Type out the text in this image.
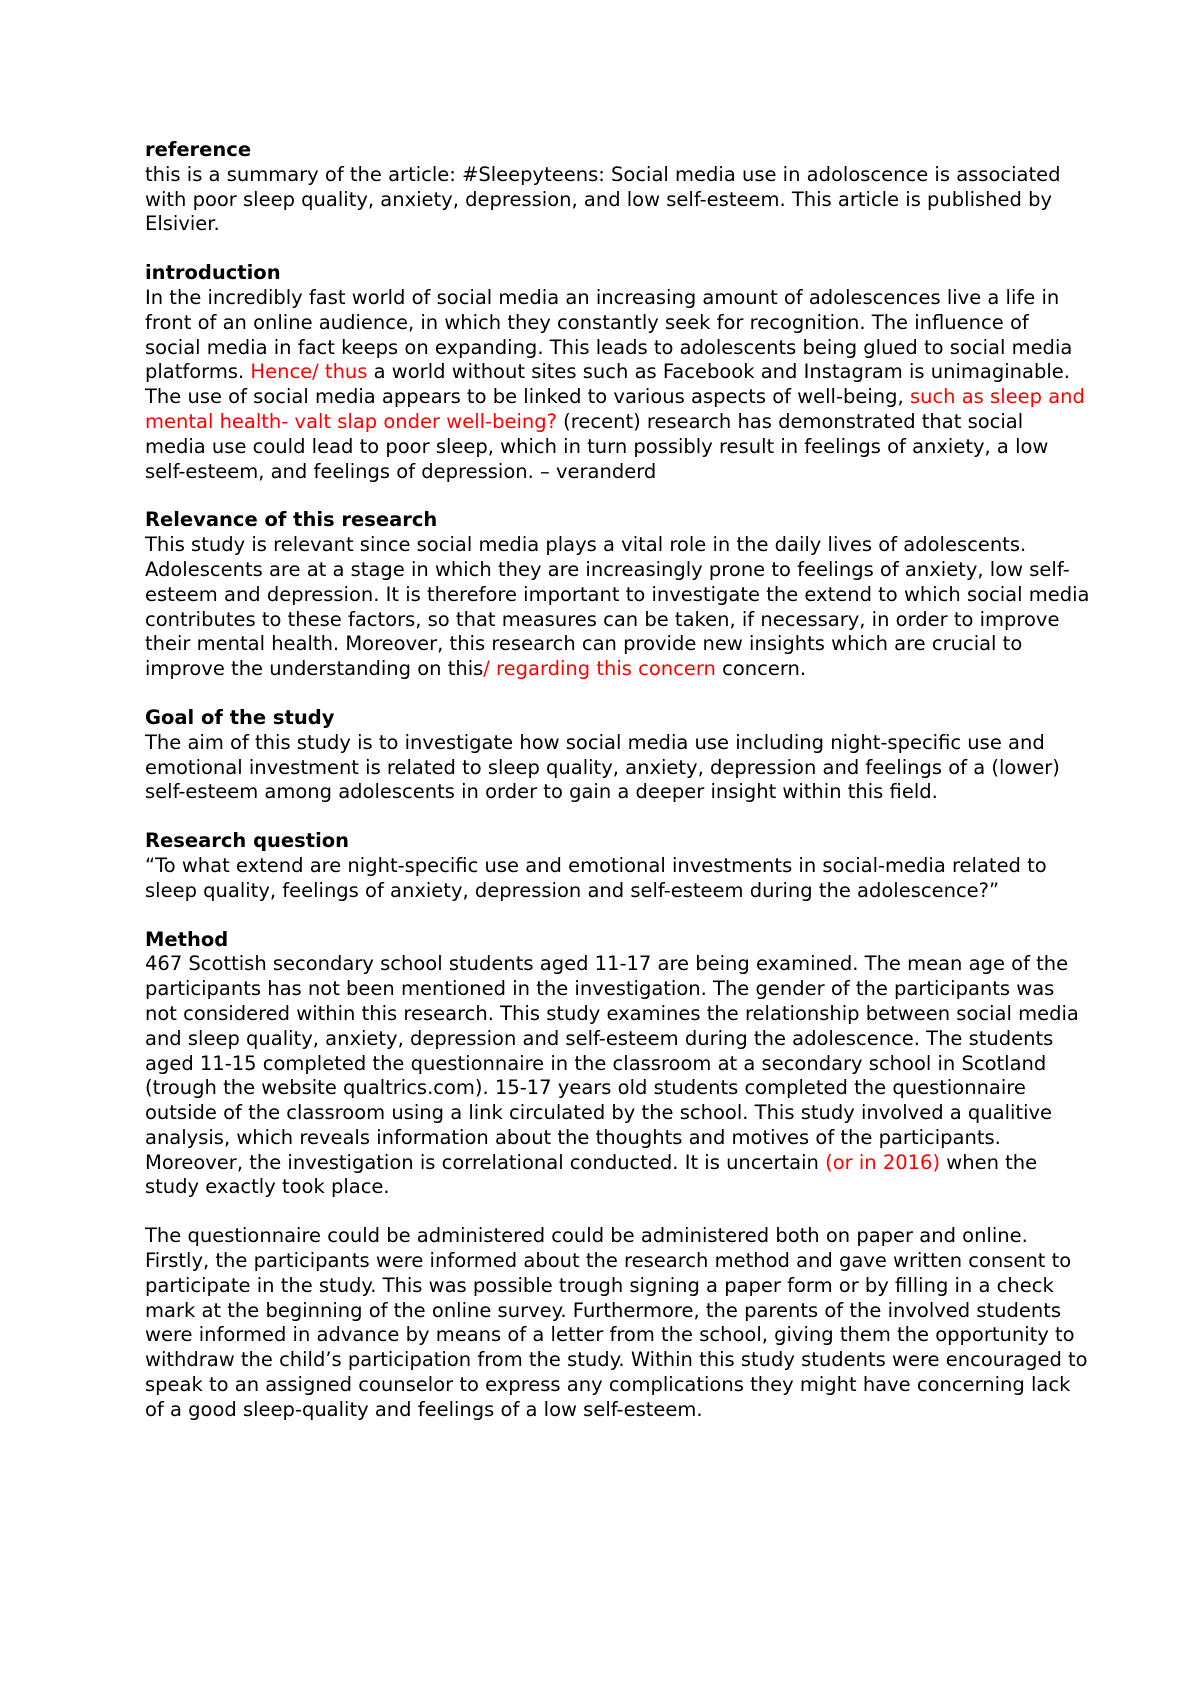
reference
this is a summary of the article: #Sleepyteens: Social media use in adoloscence is associated with poor sleep quality, anxiety, depression, and low self-esteem. This article is published by Elsivier.
introduction

In the incredibly fast world of social media an increasing amount of adolescences live a life in front of an online audience, in which they constantly seek for recognition. The influence of social media in fact keeps on expanding. This leads to adolescents being glued to social media platforms. Hence/ thus a world without sites such as Facebook and Instagram is unimaginable. The use of social media appears to be linked to various aspects of well-being, such as sleep and mental health- valt slap onder well-being? (recent) research has demonstrated that social media use could lead to poor sleep, which in turn possibly result in feelings of anxiety, a low self-esteem, and feelings of depression. – veranderd

Relevance of this research

This study is relevant since social media plays a vital role in the daily lives of adolescents. Adolescents are at a stage in which they are increasingly prone to feelings of anxiety, low self-esteem and depression. It is therefore important to investigate the extend to which social media contributes to these factors, so that measures can be taken, if necessary, in order to improve their mental health. Moreover, this research can provide new insights which are crucial to improve the understanding on this/ regarding this concern concern.

Goal of the study
The aim of this study is to investigate how social media use including night-specific use and emotional investment is related to sleep quality, anxiety, depression and feelings of a (lower) self-esteem among adolescents in order to gain a deeper insight within this field.
Research question
“To what extend are night-specific use and emotional investments in social-media related to sleep quality, feelings of anxiety, depression and self-esteem during the adolescence?”
Method

467 Scottish secondary school students aged 11-17 are being examined. The mean age of the participants has not been mentioned in the investigation. The gender of the participants was not considered within this research. This study examines the relationship between social media and sleep quality, anxiety, depression and self-esteem during the adolescence. The students aged 11-15 completed the questionnaire in the classroom at a secondary school in Scotland (trough the website qualtrics.com). 15-17 years old students completed the questionnaire outside of the classroom using a link circulated by the school. This study involved a qualitive analysis, which reveals information about the thoughts and motives of the participants. Moreover, the investigation is correlational conducted. It is uncertain (or in 2016) when the study exactly took place.

The questionnaire could be administered could be administered both on paper and online. Firstly, the participants were informed about the research method and gave written consent to participate in the study. This was possible trough signing a paper form or by filling in a check mark at the beginning of the online survey. Furthermore, the parents of the involved students were informed in advance by means of a letter from the school, giving them the opportunity to withdraw the child’s participation from the study. Within this study students were encouraged to speak to an assigned counselor to express any complications they might have concerning lack of a good sleep-quality and feelings of a low self-esteem.
